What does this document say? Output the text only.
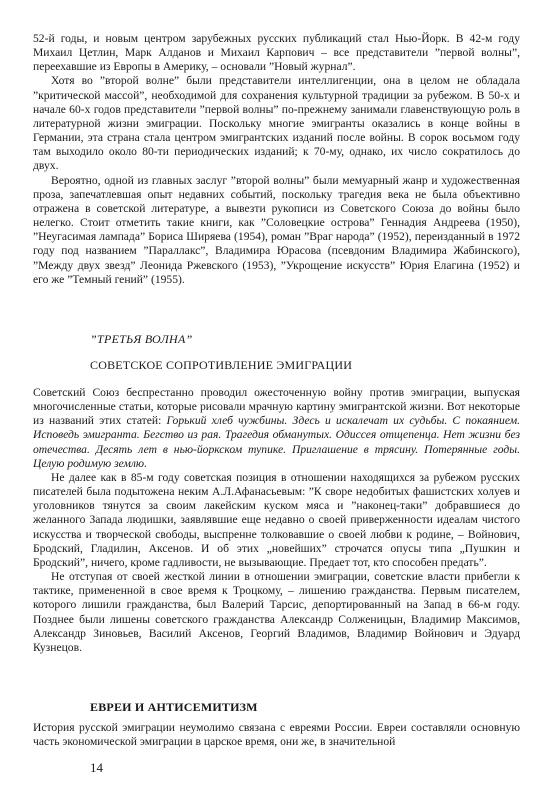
52-й годы, и новым центром зарубежных русских публикаций стал Нью-Йорк. В 42-м году Михаил Цетлин, Марк Алданов и Михаил Карпович – все представители ”первой волны”, переехавшие из Европы в Америку, – основали ”Новый журнал”.

Хотя во ”второй волне” были представители интеллигенции, она в целом не обладала ”критической массой”, необходимой для сохранения культурной традиции за рубежом. В 50-х и начале 60-х годов представители ”первой волны” по-прежнему занимали главенствующую роль в литературной жизни эмиграции. Поскольку многие эмигранты оказались в конце войны в Германии, эта страна стала центром эмигрантских изданий после войны. В сорок восьмом году там выходило около 80-ти периодических изданий; к 70-му, однако, их число сократилось до двух.

Вероятно, одной из главных заслуг ”второй волны” были мемуарный жанр и художественная проза, запечатлевшая опыт недавних событий, поскольку трагедия века не была объективно отражена в советской литературе, а вывезти рукописи из Советского Союза до войны было нелегко. Стоит отметить такие книги, как ”Соловецкие острова” Геннадия Андреева (1950), ”Неугасимая лампада” Бориса Ширяева (1954), роман ”Враг народа” (1952), переизданный в 1972 году под названием ”Параллакс”, Владимира Юрасова (псевдоним Владимира Жабинского), ”Между двух звезд” Леонида Ржевского (1953), ”Укрощение искусств” Юрия Елагина (1952) и его же ”Темный гений” (1955).

”ТРЕТЬЯ ВОЛНА”
СОВЕТСКОЕ СОПРОТИВЛЕНИЕ ЭМИГРАЦИИ

Советский Союз беспрестанно проводил ожесточенную войну против эмиграции, выпуская многочисленные статьи, которые рисовали мрачную картину эмигрантской жизни. Вот некоторые из названий этих статей: Горький хлеб чужбины. Здесь и искалечат их судьбы. С покаянием. Исповедь эмигранта. Бегство из рая. Трагедия обманутых. Одиссея отщепенца. Нет жизни без отечества. Десять лет в нью-йоркском тупике. Приглашение в трясину. Потерянные годы. Целую родимую землю.

Не далее как в 85-м году советская позиция в отношении находящихся за рубежом русских писателей была подытожена неким А.Л.Афанасьевым: ”К своре недобитых фашистских холуев и уголовников тянутся за своим лакейским куском мяса и ”наконец-таки” добравшиеся до желанного Запада людишки, заявлявшие еще недавно о своей приверженности идеалам чистого искусства и творческой свободы, выспренне толковавшие о своей любви к родине, – Войнович, Бродский, Гладилин, Аксенов. И об этих „новейших” строчатся опусы типа „Пушкин и Бродский”, ничего, кроме гадливости, не вызывающие. Предает тот, кто способен предать”.

Не отступая от своей жесткой линии в отношении эмиграции, советские власти прибегли к тактике, примененной в свое время к Троцкому, – лишению гражданства. Первым писателем, которого лишили гражданства, был Валерий Тарсис, депортированный на Запад в 66-м году. Позднее были лишены советского гражданства Александр Солженицын, Владимир Максимов, Александр Зиновьев, Василий Аксенов, Георгий Владимов, Владимир Войнович и Эдуард Кузнецов.

ЕВРЕИ И АНТИСЕМИТИЗМ

История русской эмиграции неумолимо связана с евреями России. Евреи составляли основную часть экономической эмиграции в царское время, они же, в значительной

14
